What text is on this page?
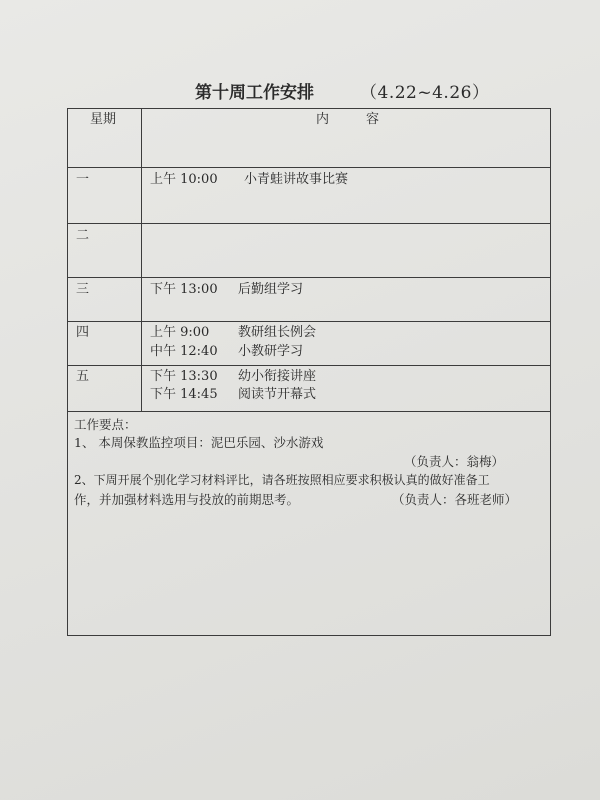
第十周工作安排	（4.22~4.26）
星期	内	容
一	上午 10:00 小青蛙讲故事比赛
二
三	下午 13:00 后勤组学习
四	上午 9:00 教研组长例会
中午 12:40 小教研学习
五	下午 13:30 幼小衔接讲座
下午 14:45 阅读节开幕式
工作要点：
1、 本周保教监控项目：泥巴乐园、沙水游戏
（负责人：翁梅）
2、下周开展个别化学习材料评比，请各班按照相应要求积极认真的做好准备工
作，并加强材料选用与投放的前期思考。	（负责人：各班老师）
